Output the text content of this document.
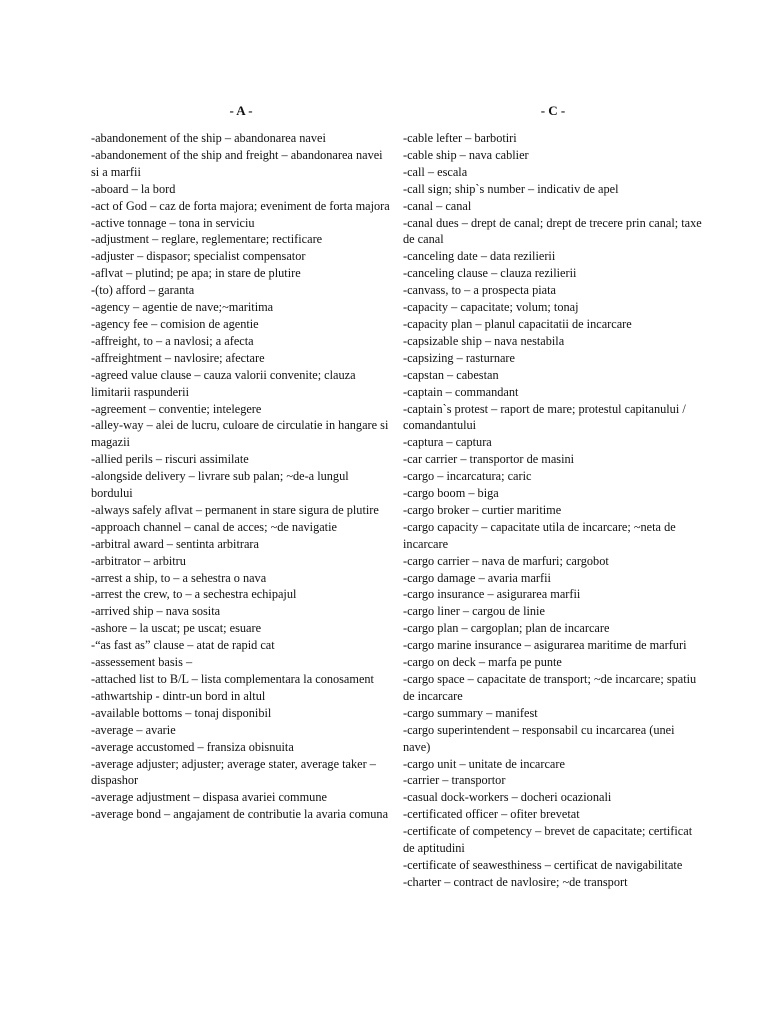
- A -
-abandonement of the ship – abandonarea navei
-abandonement of the ship and freight – abandonarea navei si a marfii
-aboard – la bord
-act of God – caz de forta majora; eveniment de forta majora
-active tonnage – tona in serviciu
-adjustment – reglare, reglementare; rectificare
-adjuster – dispasor; specialist compensator
-aflvat – plutind; pe apa; in stare de plutire
-(to) afford – garanta
-agency – agentie de nave;~maritima
-agency fee – comision de agentie
-affreight, to – a navlosi; a afecta
-affreightment – navlosire; afectare
-agreed value clause – cauza valorii convenite; clauza limitarii raspunderii
-agreement – conventie; intelegere
-alley-way – alei de lucru, culoare de circulatie in hangare si magazii
-allied perils – riscuri assimilate
-alongside delivery – livrare sub palan; ~de-a lungul bordului
-always safely aflvat – permanent in stare sigura de plutire
-approach channel – canal de acces; ~de navigatie
-arbitral award – sentinta arbitrara
-arbitrator – arbitru
-arrest a ship, to – a sehestra o nava
-arrest the crew, to – a sechestra echipajul
-arrived ship – nava sosita
-ashore – la uscat; pe uscat; esuare
-“as fast as” clause – atat de rapid cat
-assessement basis –
-attached list to B/L – lista complementara la conosament
-athwartship - dintr-un bord in altul
-available bottoms – tonaj disponibil
-average – avarie
-average accustomed – fransiza obisnuita
-average adjuster; adjuster; average stater, average taker – dispashor
-average adjustment – dispasa avariei commune
-average bond – angajament de contributie la avaria comuna
- C -
-cable lefter – barbotiri
-cable ship – nava cablier
-call – escala
-call sign; ship`s number – indicativ de apel
-canal – canal
-canal dues – drept de canal; drept de trecere prin canal; taxe de canal
-canceling date – data rezilierii
-canceling clause – clauza rezilierii
-canvass, to – a prospecta piata
-capacity – capacitate; volum; tonaj
-capacity plan – planul capacitatii de incarcare
-capsizable ship – nava nestabila
-capsizing – rasturnare
-capstan – cabestan
-captain – commandant
-captain`s protest – raport de mare; protestul capitanului / comandantului
-captura – captura
-car carrier – transportor de masini
-cargo – incarcatura; caric
-cargo boom – biga
-cargo broker – curtier maritime
-cargo capacity – capacitate utila de incarcare; ~neta de incarcare
-cargo carrier – nava de marfuri; cargobot
-cargo damage – avaria marfii
-cargo insurance – asigurarea marfii
-cargo liner – cargou de linie
-cargo plan – cargoplan; plan de incarcare
-cargo marine insurance – asigurarea maritime de marfuri
-cargo on deck – marfa pe punte
-cargo space – capacitate de transport; ~de incarcare; spatiu de incarcare
-cargo summary – manifest
-cargo superintendent – responsabil cu incarcarea (unei nave)
-cargo unit – unitate de incarcare
-carrier – transportor
-casual dock-workers – docheri ocazionali
-certificated officer – ofiter brevetat
-certificate of competency – brevet de capacitate; certificat de aptitudini
-certificate of seawesthiness – certificat de navigabilitate
-charter – contract de navlosire; ~de transport
